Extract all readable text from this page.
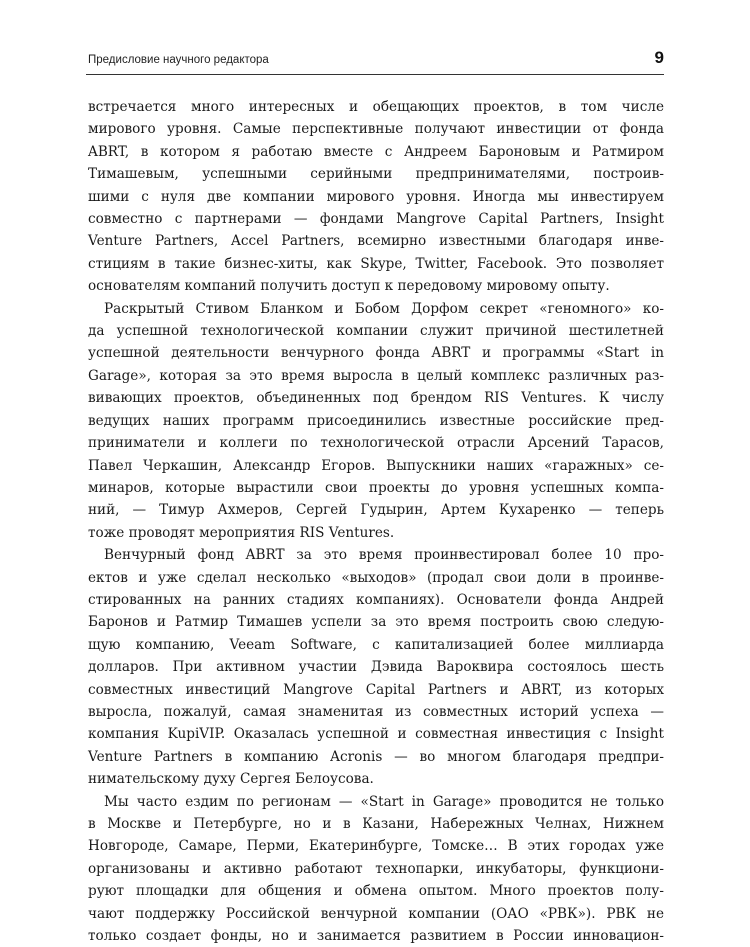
Предисловие научного редактора	9

встречается много интересных и обещающих проектов, в том числе
мирового уровня. Самые перспективные получают инвестиции от фонда
ABRT, в котором я работаю вместе с Андреем Бароновым и Ратмиром
Тимашевым, успешными серийными предпринимателями, построив-
шими с нуля две компании мирового уровня. Иногда мы инвестируем
совместно с партнерами — фондами Mangrove Capital Partners, Insight
Venture Partners, Accel Partners, всемирно известными благодаря инве-
стициям в такие бизнес-хиты, как Skype, Twitter, Facebook. Это позволяет
основателям компаний получить доступ к передовому мировому опыту.

Раскрытый Стивом Бланком и Бобом Дорфом секрет «геномного» ко-
да успешной технологической компании служит причиной шестилетней
успешной деятельности венчурного фонда ABRT и программы «Start in
Garage», которая за это время выросла в целый комплекс различных раз-
вивающих проектов, объединенных под брендом RIS Ventures. К числу
ведущих наших программ присоединились известные российские пред-
приниматели и коллеги по технологической отрасли Арсений Тарасов,
Павел Черкашин, Александр Егоров. Выпускники наших «гаражных» се-
минаров, которые вырастили свои проекты до уровня успешных компа-
ний, — Тимур Ахмеров, Сергей Гудырин, Артем Кухаренко — теперь
тоже проводят мероприятия RIS Ventures.

Венчурный фонд ABRT за это время проинвестировал более 10 про-
ектов и уже сделал несколько «выходов» (продал свои доли в проинве-
стированных на ранних стадиях компаниях). Основатели фонда Андрей
Баронов и Ратмир Тимашев успели за это время построить свою следую-
щую компанию, Veeam Software, с капитализацией более миллиарда
долларов. При активном участии Дэвида Вароквира состоялось шесть
совместных инвестиций Mangrove Capital Partners и ABRT, из которых
выросла, пожалуй, самая знаменитая из совместных историй успеха —
компания KupiVIP. Оказалась успешной и совместная инвестиция с Insight
Venture Partners в компанию Acronis — во многом благодаря предпри-
нимательскому духу Сергея Белоусова.

Мы часто ездим по регионам — «Start in Garage» проводится не только
в Москве и Петербурге, но и в Казани, Набережных Челнах, Нижнем
Новгороде, Самаре, Перми, Екатеринбурге, Томске… В этих городах уже
организованы и активно работают технопарки, инкубаторы, функциони-
руют площадки для общения и обмена опытом. Много проектов полу-
чают поддержку Российской венчурной компании (ОАО «РВК»). РВК не
только создает фонды, но и занимается развитием в России инновацион-
